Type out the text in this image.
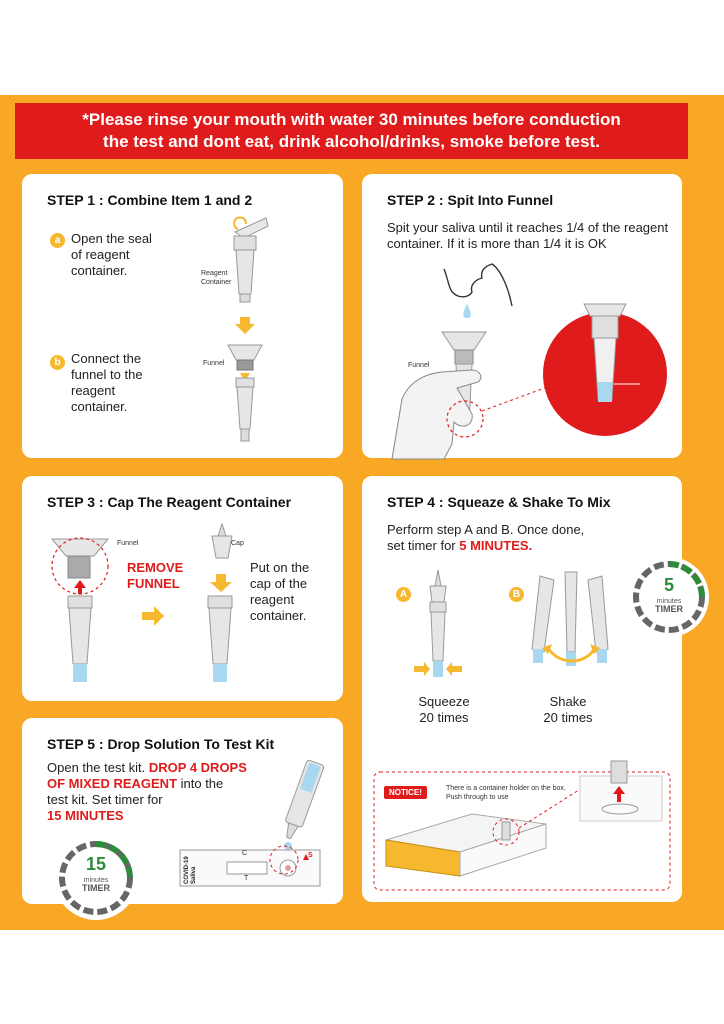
*Please rinse your mouth with water 30 minutes before conduction
the test and dont eat, drink alcohol/drinks, smoke before test.
STEP 1 : Combine Item 1 and 2
a Open the seal of reagent container.
b Connect the funnel to the reagent container.
Reagent
Container
Funnel
STEP 2 : Spit Into Funnel
Spit your saliva until it reaches 1/4 of the reagent container. If it is more than 1/4 it is OK
Funnel
STEP 3 : Cap The Reagent Container
Funnel	Cap
REMOVE
FUNNEL
Put on the cap of the reagent container.
STEP 4 : Squeaze & Shake To Mix
Perform step A and B. Once done,
set timer for 5 MINUTES.
A	B
Squeeze
20 times
Shake
20 times
NOTICE!	There is a container holder on the box.
Push through to use
5
minutes
TIMER
STEP 5 : Drop Solution To Test Kit
Open the test kit. DROP 4 DROPS
OF MIXED REAGENT into the
test kit. Set timer for
15 MINUTES
COVID-19 Saliva
C
T
S
15
minutes
TIMER
